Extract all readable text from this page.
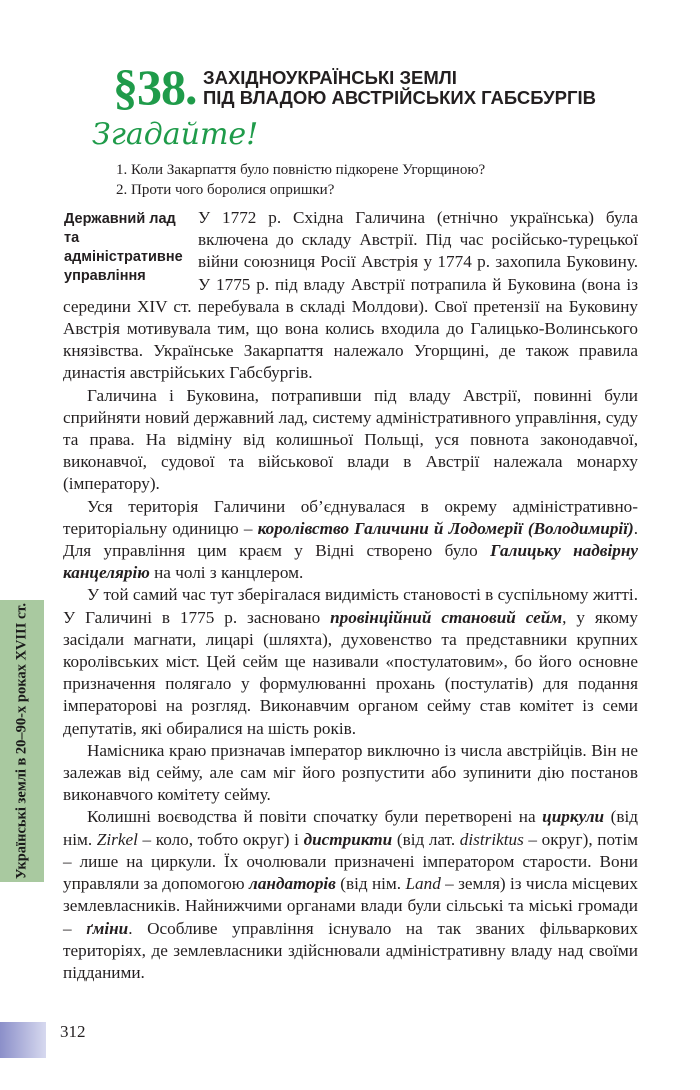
Українські землі в 20–90-х роках XVIII ст.
§38. ЗАХІДНОУКРАЇНСЬКІ ЗЕМЛІ
ПІД ВЛАДОЮ АВСТРІЙСЬКИХ ГАБСБУРГІВ
Згадайте!
1. Коли Закарпаття було повністю підкорене Угорщиною?
2. Проти чого боролися опришки?
Державний лад та адміністративне управління

У 1772 р. Східна Галичина (етнічно українська) була включена до складу Австрії. Під час російсько-турецької війни союзниця Росії Австрія у 1774 р. захопила Буковину. У 1775 р. під владу Австрії потрапила й Буковина (вона із середини XIV ст. перебувала в складі Молдови). Свої претензії на Буковину Австрія мотивувала тим, що вона колись входила до Галицько-Волинського князівства. Українське Закарпаття належало Угорщині, де також правила династія австрійських Габсбургів.

Галичина і Буковина, потрапивши під владу Австрії, повинні були сприйняти новий державний лад, систему адміністративного управління, суду та права. На відміну від колишньої Польщі, уся повнота законодавчої, виконавчої, судової та військової влади в Австрії належала монарху (імператору).

Уся територія Галичини об’єднувалася в окрему адміністративно-територіальну одиницю – королівство Галичини й Лодомерії (Володимирії). Для управління цим краєм у Відні створено було Галицьку надвірну канцелярію на чолі з канцлером.

У той самий час тут зберігалася видимість становості в суспільному житті. У Галичині в 1775 р. засновано провінційний становий сейм, у якому засідали магнати, лицарі (шляхта), духовенство та представники крупних королівських міст. Цей сейм ще називали «постулатовим», бо його основне призначення полягало у формулюванні прохань (постулатів) для подання імператорові на розгляд. Виконавчим органом сейму став комітет із семи депутатів, які обиралися на шість років.

Намісника краю призначав імператор виключно із числа австрійців. Він не залежав від сейму, але сам міг його розпустити або зупинити дію постанов виконавчого комітету сейму.

Колишні воєводства й повіти спочатку були перетворені на циркули (від нім. Zirkel – коло, тобто округ) і дистрикти (від лат. distriktus – округ), потім – лише на циркули. Їх очолювали призначені імператором старости. Вони управляли за допомогою ландаторів (від нім. Land – земля) із числа місцевих землевласників. Найнижчими органами влади були сільські та міські громади – ґміни. Особливе управління існувало на так званих фільваркових територіях, де землевласники здійснювали адміністративну владу над своїми підданими.

312
